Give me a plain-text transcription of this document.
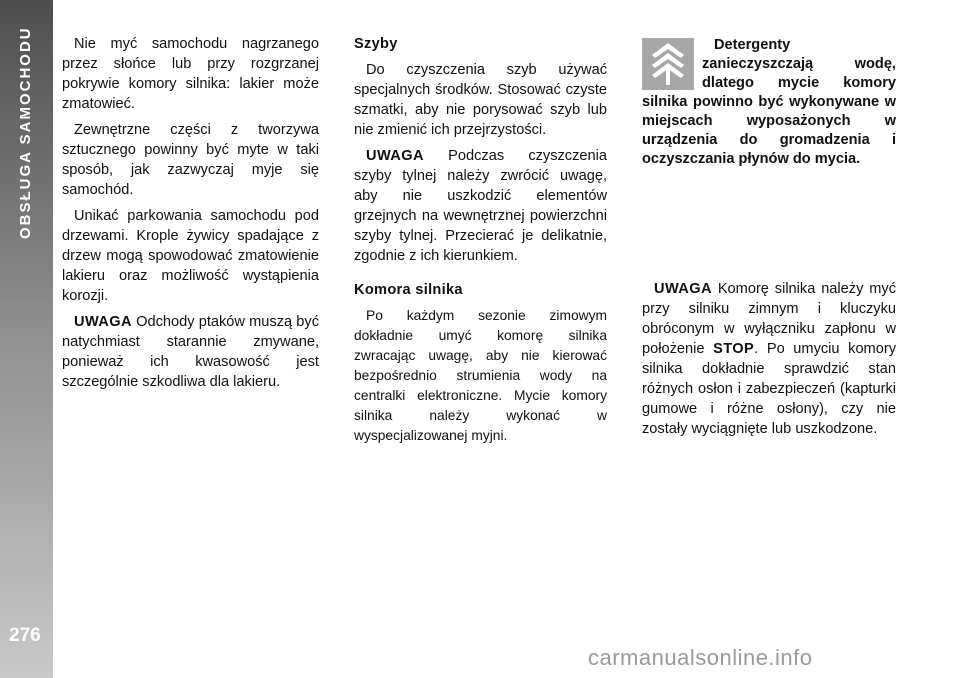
OBSŁUGA SAMOCHODU
276

Nie myć samochodu nagrzanego przez słońce lub przy rozgrzanej pokrywie komory silnika: lakier może zmatowieć.

Zewnętrzne części z tworzywa sztucznego powinny być myte w taki sposób, jak zazwyczaj myje się samochód.

Unikać parkowania samochodu pod drzewami. Krople żywicy spadające z drzew mogą spowodować zmatowienie lakieru oraz możliwość wystąpienia korozji.

UWAGA Odchody ptaków muszą być natychmiast starannie zmywane, ponieważ ich kwasowość jest szczególnie szkodliwa dla lakieru.

Szyby

Do czyszczenia szyb używać specjalnych środków. Stosować czyste szmatki, aby nie porysować szyb lub nie zmienić ich przejrzystości.

UWAGA Podczas czyszczenia szyby tylnej należy zwrócić uwagę, aby nie uszkodzić elementów grzejnych na wewnętrznej powierzchni szyby tylnej. Przecierać je delikatnie, zgodnie z ich kierunkiem.

Komora silnika

Po każdym sezonie zimowym dokładnie umyć komorę silnika zwracając uwagę, aby nie kierować bezpośrednio strumienia wody na centralki elektroniczne. Mycie komory silnika należy wykonać w wyspecjalizowanej myjni.

Detergenty zanieczyszczają wodę, dlatego mycie komory silnika powinno być wykonywane w miejscach wyposażonych w urządzenia do gromadzenia i oczyszczania płynów do mycia.

UWAGA Komorę silnika należy myć przy silniku zimnym i kluczyku obróconym w wyłączniku zapłonu w położenie STOP. Po umyciu komory silnika dokładnie sprawdzić stan różnych osłon i zabezpieczeń (kapturki gumowe i różne osłony), czy nie zostały wyciągnięte lub uszkodzone.

carmanualsonline.info
